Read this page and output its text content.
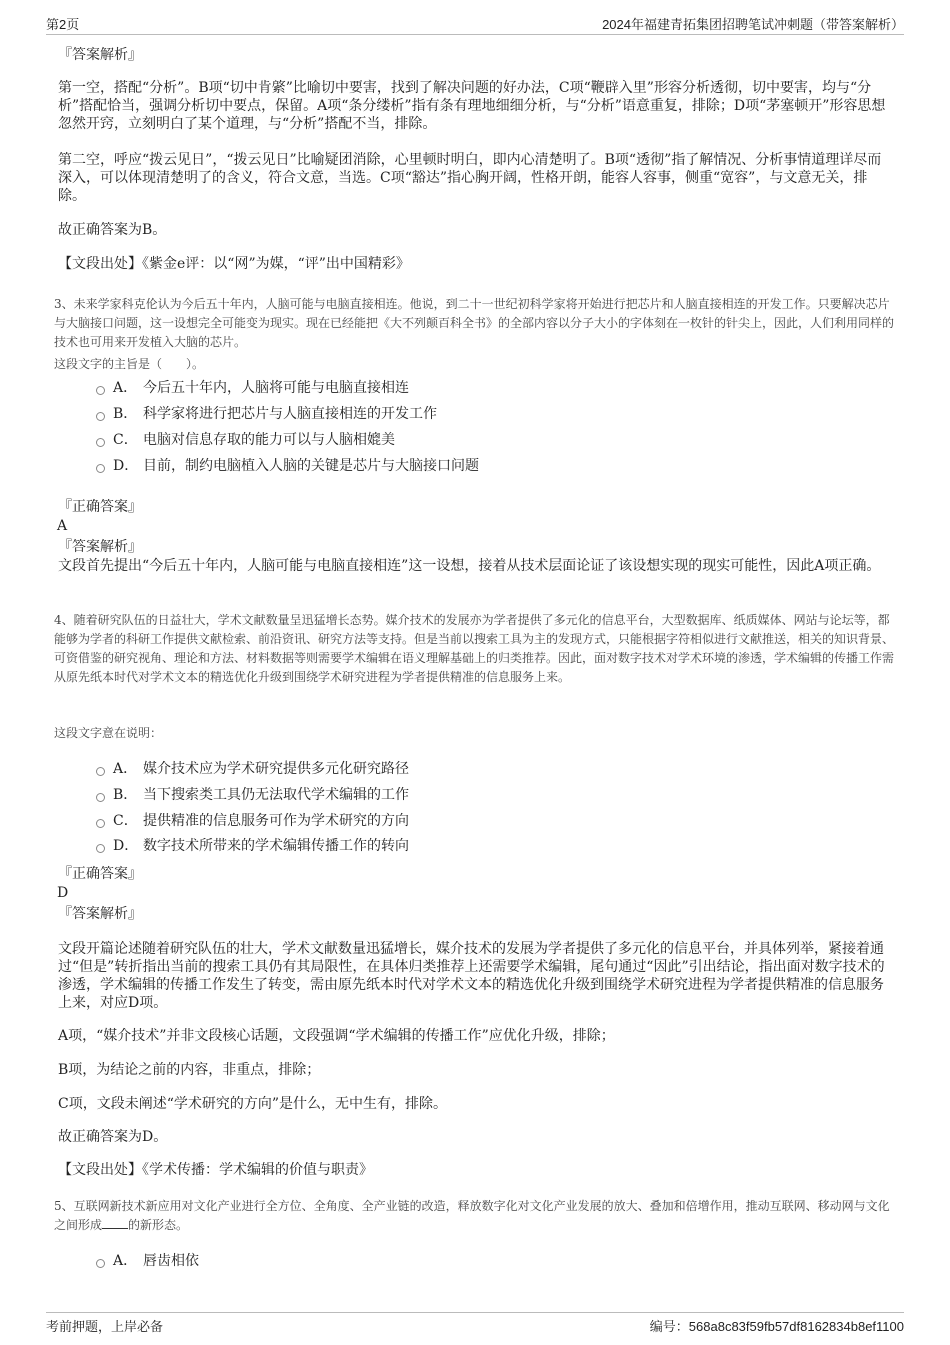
第2页	2024年福建青拓集团招聘笔试冲刺题（带答案解析）

『答案解析』

第一空，搭配“分析”。B项“切中肯綮”比喻切中要害，找到了解决问题的好办法，C项“鞭辟入里”形容分析透彻，切中要害，均与“分析”搭配恰当，强调分析切中要点，保留。A项“条分缕析”指有条有理地细细分析，与“分析”语意重复，排除；D项“茅塞顿开”形容思想忽然开窍，立刻明白了某个道理，与“分析”搭配不当，排除。

第二空，呼应“拨云见日”，“拨云见日”比喻疑团消除，心里顿时明白，即内心清楚明了。B项“透彻”指了解情况、分析事情道理详尽而深入，可以体现清楚明了的含义，符合文意，当选。C项“豁达”指心胸开阔，性格开朗，能容人容事，侧重“宽容”，与文意无关，排除。

故正确答案为B。

【文段出处】《紫金e评：以“网”为媒，“评”出中国精彩》

3、未来学家科克伦认为今后五十年内，人脑可能与电脑直接相连。他说，到二十一世纪初科学家将开始进行把芯片和人脑直接相连的开发工作。只要解决芯片与大脑接口问题，这一设想完全可能变为现实。现在已经能把《大不列颠百科全书》的全部内容以分子大小的字体刻在一枚针的针尖上，因此，人们利用同样的技术也可用来开发植入大脑的芯片。

这段文字的主旨是（　　）。

A． 今后五十年内，人脑将可能与电脑直接相连
B． 科学家将进行把芯片与人脑直接相连的开发工作
C． 电脑对信息存取的能力可以与人脑相媲美
D． 目前，制约电脑植入人脑的关键是芯片与大脑接口问题

『正确答案』

A

『答案解析』

文段首先提出“今后五十年内，人脑可能与电脑直接相连”这一设想，接着从技术层面论证了该设想实现的现实可能性，因此A项正确。

4、随着研究队伍的日益壮大，学术文献数量呈迅猛增长态势。媒介技术的发展亦为学者提供了多元化的信息平台，大型数据库、纸质媒体、网站与论坛等，都能够为学者的科研工作提供文献检索、前沿资讯、研究方法等支持。但是当前以搜索工具为主的发现方式，只能根据字符相似进行文献推送，相关的知识背景、可资借鉴的研究视角、理论和方法、材料数据等则需要学术编辑在语义理解基础上的归类推荐。因此，面对数字技术对学术环境的渗透，学术编辑的传播工作需从原先纸本时代对学术文本的精选优化升级到围绕学术研究进程为学者提供精准的信息服务上来。

这段文字意在说明：

A． 媒介技术应为学术研究提供多元化研究路径
B． 当下搜索类工具仍无法取代学术编辑的工作
C． 提供精准的信息服务可作为学术研究的方向
D． 数字技术所带来的学术编辑传播工作的转向

『正确答案』

D

『答案解析』

文段开篇论述随着研究队伍的壮大，学术文献数量迅猛增长，媒介技术的发展为学者提供了多元化的信息平台，并具体列举，紧接着通过“但是”转折指出当前的搜索工具仍有其局限性，在具体归类推荐上还需要学术编辑，尾句通过“因此”引出结论，指出面对数字技术的渗透，学术编辑的传播工作发生了转变，需由原先纸本时代对学术文本的精选优化升级到围绕学术研究进程为学者提供精准的信息服务上来，对应D项。

A项，“媒介技术”并非文段核心话题，文段强调“学术编辑的传播工作”应优化升级，排除；

B项，为结论之前的内容，非重点，排除；

C项，文段未阐述“学术研究的方向”是什么，无中生有，排除。

故正确答案为D。

【文段出处】《学术传播：学术编辑的价值与职责》

5、互联网新技术新应用对文化产业进行全方位、全角度、全产业链的改造，释放数字化对文化产业发展的放大、叠加和倍增作用，推动互联网、移动网与文化之间形成 的新形态。

A． 唇齿相依
考前押题，上岸必备	编号：568a8c83f59fb57df8162834b8ef1100
